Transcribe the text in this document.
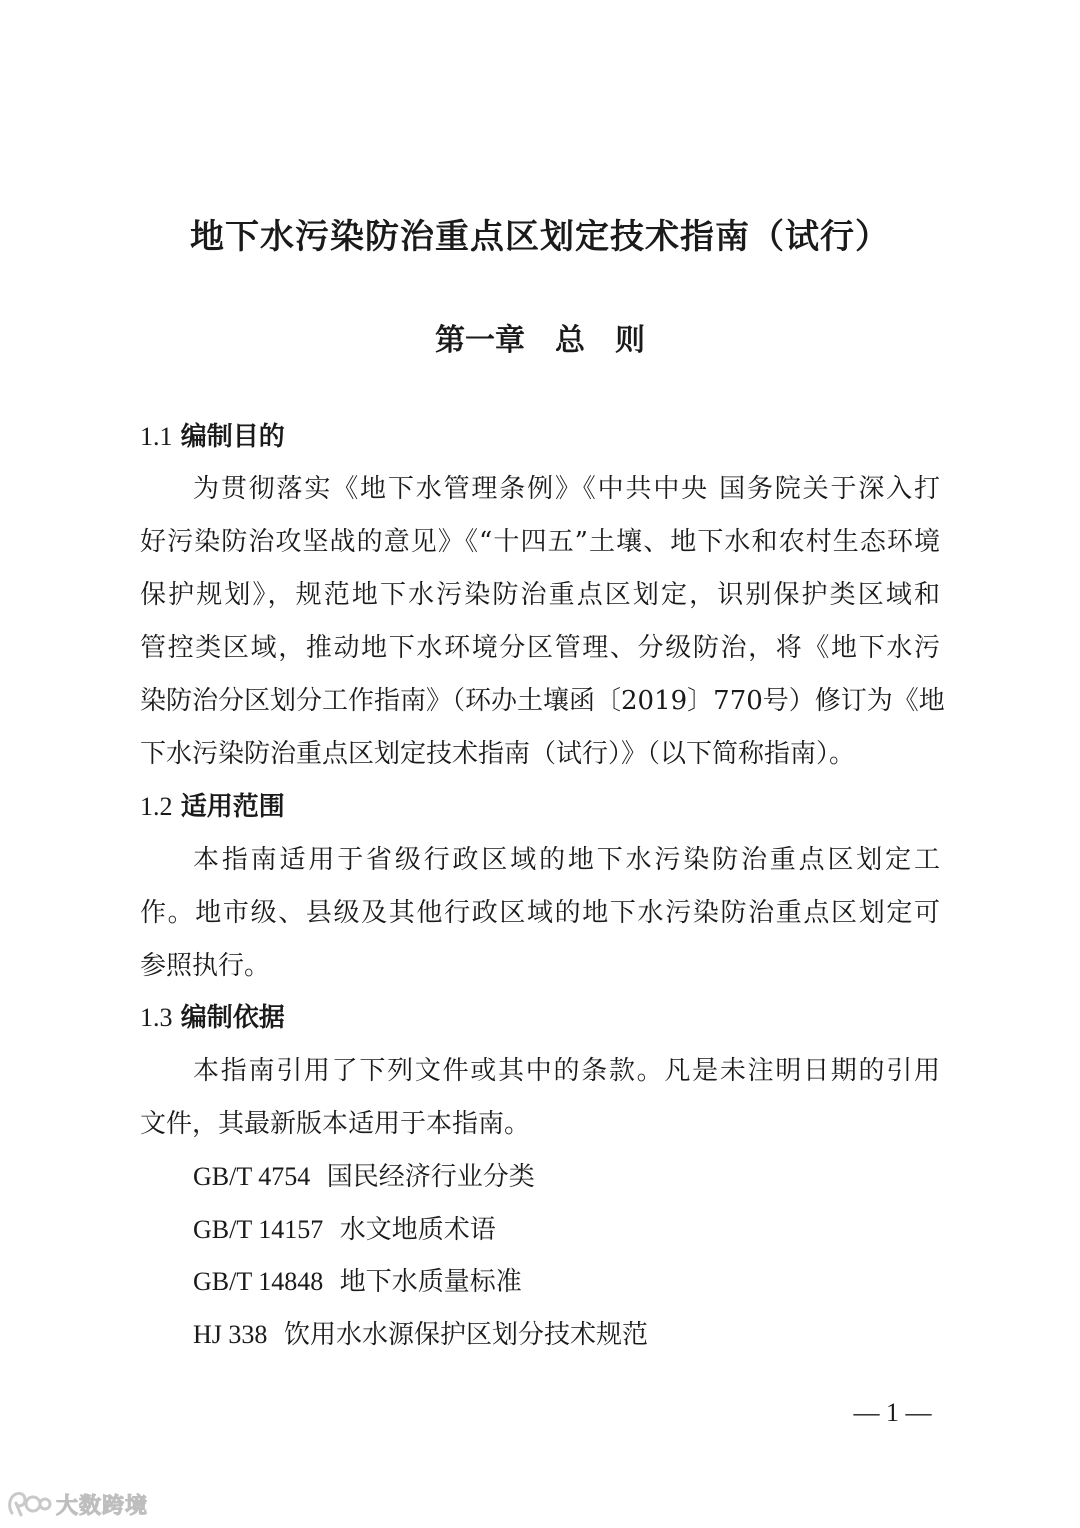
地下水污染防治重点区划定技术指南（试行）
第一章　总　则
1.1 编制目的
为贯彻落实《地下水管理条例》《中共中央 国务院关于深入打
好污染防治攻坚战的意见》《“十四五”土壤、地下水和农村生态环境
保护规划》，规范地下水污染防治重点区划定，识别保护类区域和
管控类区域，推动地下水环境分区管理、分级防治，将《地下水污
染防治分区划分工作指南》（环办土壤函〔2019〕770号）修订为《地
下水污染防治重点区划定技术指南（试行）》（以下简称指南）。
1.2 适用范围
本指南适用于省级行政区域的地下水污染防治重点区划定工
作。地市级、县级及其他行政区域的地下水污染防治重点区划定可
参照执行。
1.3 编制依据
本指南引用了下列文件或其中的条款。凡是未注明日期的引用
文件，其最新版本适用于本指南。
GB/T 4754 国民经济行业分类
GB/T 14157 水文地质术语
GB/T 14848 地下水质量标准
HJ 338 饮用水水源保护区划分技术规范
— 1 —
大数跨境
